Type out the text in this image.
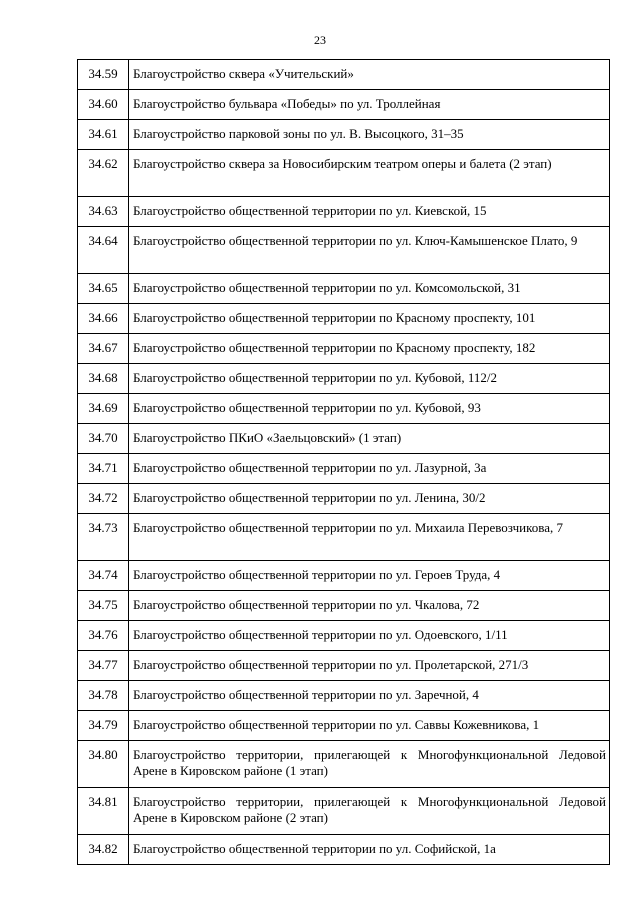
23
34.59	Благоустройство сквера «Учительский»
34.60	Благоустройство бульвара «Победы» по ул. Троллейная
34.61	Благоустройство парковой зоны по ул. В. Высоцкого, 31–35
34.62	Благоустройство сквера за Новосибирским театром оперы и балета (2 этап)
34.63	Благоустройство общественной территории по ул. Киевской, 15
34.64	Благоустройство общественной территории по ул. Ключ-Камышенское Плато, 9
34.65	Благоустройство общественной территории по ул. Комсомольской, 31
34.66	Благоустройство общественной территории по Красному проспекту, 101
34.67	Благоустройство общественной территории по Красному проспекту, 182
34.68	Благоустройство общественной территории по ул. Кубовой, 112/2
34.69	Благоустройство общественной территории по ул. Кубовой, 93
34.70	Благоустройство ПКиО «Заельцовский» (1 этап)
34.71	Благоустройство общественной территории по ул. Лазурной, 3а
34.72	Благоустройство общественной территории по ул. Ленина, 30/2
34.73	Благоустройство общественной территории по ул. Михаила Перевозчикова, 7
34.74	Благоустройство общественной территории по ул. Героев Труда, 4
34.75	Благоустройство общественной территории по ул. Чкалова, 72
34.76	Благоустройство общественной территории по ул. Одоевского, 1/11
34.77	Благоустройство общественной территории по ул. Пролетарской, 271/3
34.78	Благоустройство общественной территории по ул. Заречной, 4
34.79	Благоустройство общественной территории по ул. Саввы Кожевникова, 1
34.80	Благоустройство территории, прилегающей к Многофункциональной Ледовой Арене в Кировском районе (1 этап)
34.81	Благоустройство территории, прилегающей к Многофункциональной Ледовой Арене в Кировском районе (2 этап)
34.82	Благоустройство общественной территории по ул. Софийской, 1а
